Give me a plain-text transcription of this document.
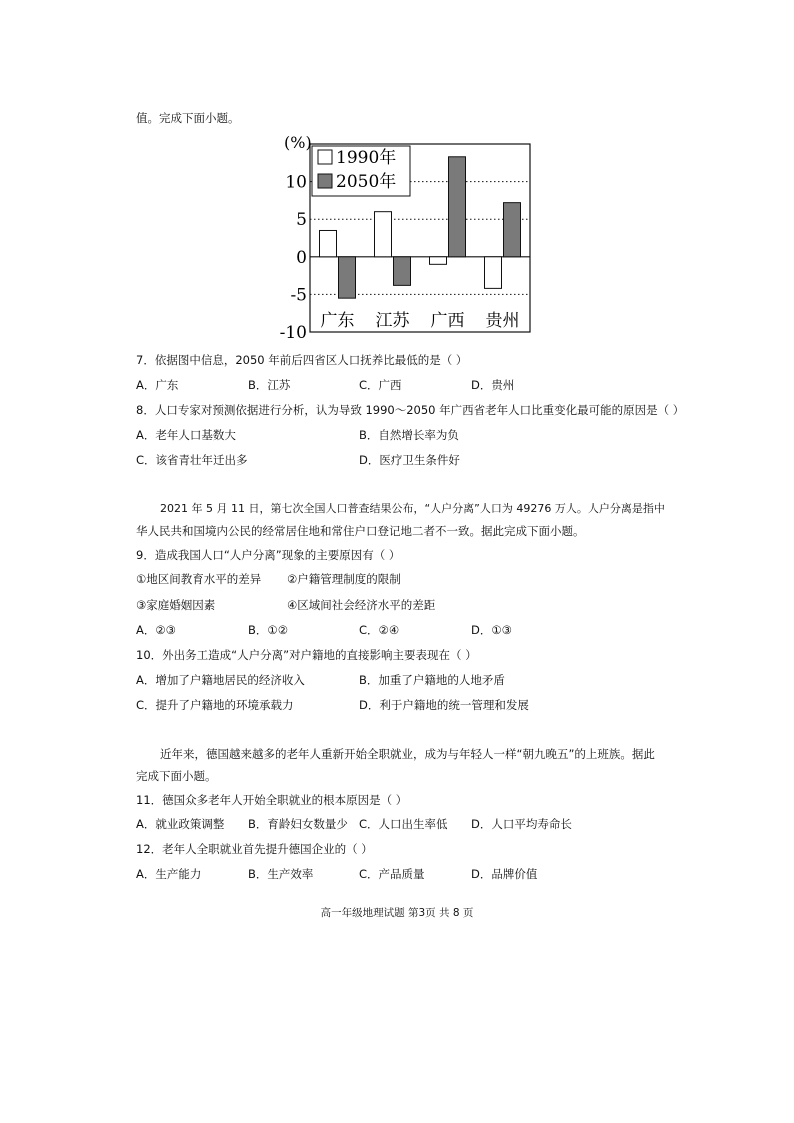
值。完成下面小题。
10
5
0
-5
-10
广东 江苏 广西 贵州
(%)
1990年
2050年
7．依据图中信息，2050 年前后四省区人口抚养比最低的是（ ）
A．广东	B．江苏	C．广西	D．贵州
8．人口专家对预测依据进行分析，认为导致 1990～2050 年广西省老年人口比重变化最可能的原因是（ ）
A．老年人口基数大	B．自然增长率为负
C．该省青壮年迁出多	D．医疗卫生条件好
2021 年 5 月 11 日，第七次全国人口普查结果公布，“人户分离”人口为 49276 万人。人户分离是指中
华人民共和国境内公民的经常居住地和常住户口登记地二者不一致。据此完成下面小题。
9．造成我国人口“人户分离”现象的主要原因有（ ）
①地区间教育水平的差异 ②户籍管理制度的限制
③家庭婚姻因素	④区域间社会经济水平的差距
A．②③	B．①②	C．②④	D．①③
10．外出务工造成“人户分离”对户籍地的直接影响主要表现在（ ）
A．增加了户籍地居民的经济收入	B．加重了户籍地的人地矛盾
C．提升了户籍地的环境承载力	D．利于户籍地的统一管理和发展
近年来，德国越来越多的老年人重新开始全职就业，成为与年轻人一样“朝九晚五”的上班族。据此
完成下面小题。
11．德国众多老年人开始全职就业的根本原因是（ ）
A．就业政策调整 B．育龄妇女数量少 C．人口出生率低 D．人口平均寿命长
12．老年人全职就业首先提升德国企业的（ ）
A．生产能力	B．生产效率	C．产品质量	D．品牌价值
高一年级地理试题 第3页 共 8 页
